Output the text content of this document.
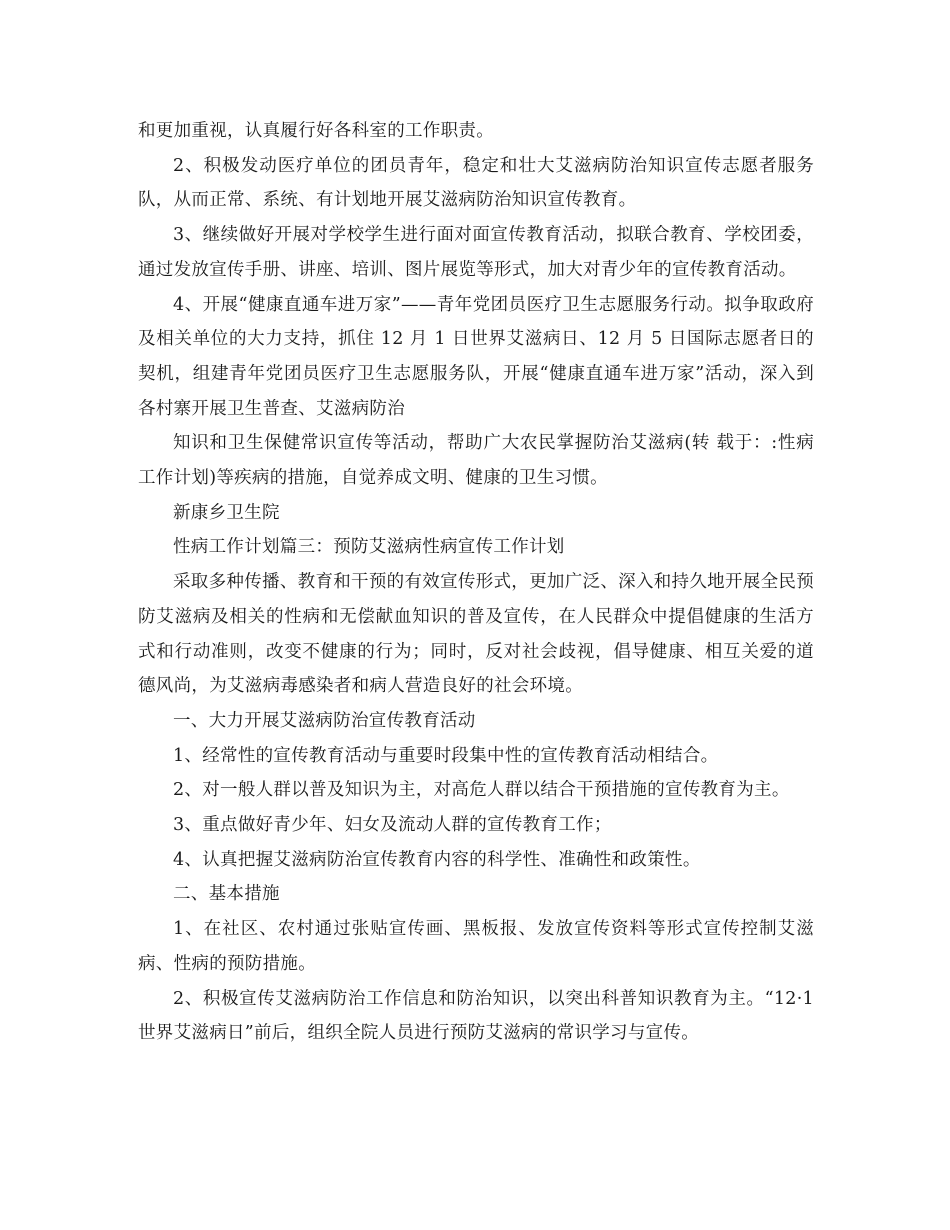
和更加重视，认真履行好各科室的工作职责。

2、积极发动医疗单位的团员青年，稳定和壮大艾滋病防治知识宣传志愿者服务队，从而正常、系统、有计划地开展艾滋病防治知识宣传教育。

3、继续做好开展对学校学生进行面对面宣传教育活动，拟联合教育、学校团委，通过发放宣传手册、讲座、培训、图片展览等形式，加大对青少年的宣传教育活动。

4、开展“健康直通车进万家”——青年党团员医疗卫生志愿服务行动。拟争取政府及相关单位的大力支持，抓住 12 月 1 日世界艾滋病日、12 月 5 日国际志愿者日的契机，组建青年党团员医疗卫生志愿服务队，开展“健康直通车进万家”活动，深入到各村寨开展卫生普查、艾滋病防治

知识和卫生保健常识宣传等活动，帮助广大农民掌握防治艾滋病(转 载于：:性病工作计划)等疾病的措施，自觉养成文明、健康的卫生习惯。

新康乡卫生院

性病工作计划篇三：预防艾滋病性病宣传工作计划

采取多种传播、教育和干预的有效宣传形式，更加广泛、深入和持久地开展全民预防艾滋病及相关的性病和无偿献血知识的普及宣传，在人民群众中提倡健康的生活方式和行动准则，改变不健康的行为；同时，反对社会歧视，倡导健康、相互关爱的道德风尚，为艾滋病毒感染者和病人营造良好的社会环境。

一、大力开展艾滋病防治宣传教育活动

1、经常性的宣传教育活动与重要时段集中性的宣传教育活动相结合。

2、对一般人群以普及知识为主，对高危人群以结合干预措施的宣传教育为主。

3、重点做好青少年、妇女及流动人群的宣传教育工作；

4、认真把握艾滋病防治宣传教育内容的科学性、准确性和政策性。

二、基本措施

1、在社区、农村通过张贴宣传画、黑板报、发放宣传资料等形式宣传控制艾滋病、性病的预防措施。

2、积极宣传艾滋病防治工作信息和防治知识，以突出科普知识教育为主。“12·1 世界艾滋病日”前后，组织全院人员进行预防艾滋病的常识学习与宣传。
